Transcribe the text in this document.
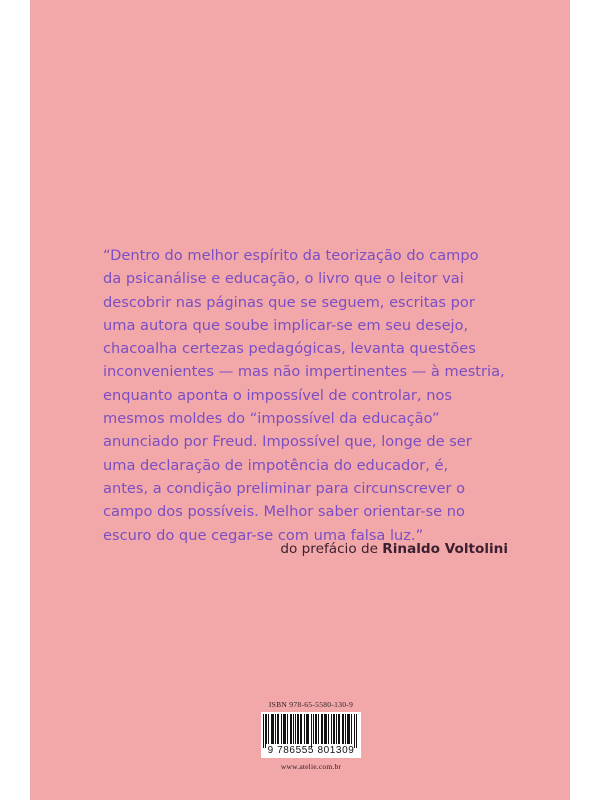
“Dentro do melhor espírito da teorização do campo
da psicanálise e educação, o livro que o leitor vai
descobrir nas páginas que se seguem, escritas por
uma autora que soube implicar-se em seu desejo,
chacoalha certezas pedagógicas, levanta questões
inconvenientes — mas não impertinentes — à mestria,
enquanto aponta o impossível de controlar, nos
mesmos moldes do “impossível da educação”
anunciado por Freud. Impossível que, longe de ser
uma declaração de impotência do educador, é,
antes, a condição preliminar para circunscrever o
campo dos possíveis. Melhor saber orientar-se no
escuro do que cegar-se com uma falsa luz.”
do prefácio de Rinaldo Voltolini
ISBN 978-65-5580-130-9
9 786555 801309
www.atelie.com.br
